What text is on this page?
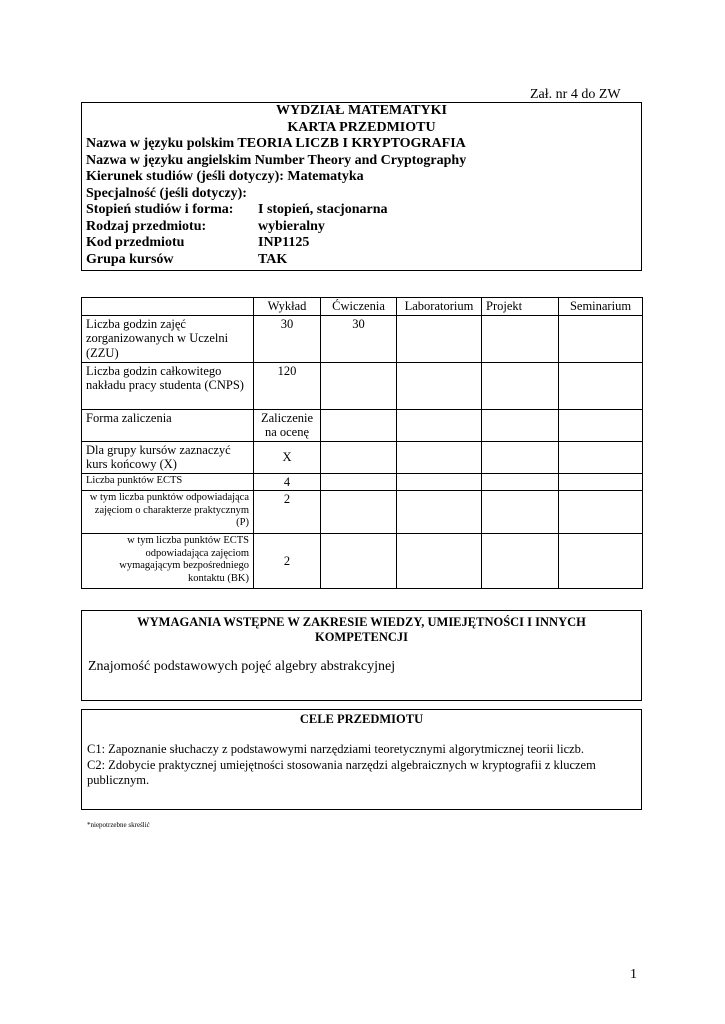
Zał. nr 4 do ZW
WYDZIAŁ MATEMATYKI
KARTA PRZEDMIOTU
Nazwa w języku polskim TEORIA LICZB I KRYPTOGRAFIA
Nazwa w języku angielskim Number Theory and Cryptography
Kierunek studiów (jeśli dotyczy): Matematyka
Specjalność (jeśli dotyczy):
Stopień studiów i forma:	I stopień, stacjonarna
Rodzaj przedmiotu:	wybieralny
Kod przedmiotu	INP1125
Grupa kursów	TAK
	Wykład	Ćwiczenia	Laboratorium	Projekt	Seminarium
Liczba godzin zajęć zorganizowanych w Uczelni (ZZU)	30	30			
Liczba godzin całkowitego nakładu pracy studenta (CNPS)	120				
Forma zaliczenia	Zaliczenie na ocenę				
Dla grupy kursów zaznaczyć kurs końcowy (X)	X				
Liczba punktów ECTS	4				
w tym liczba punktów odpowiadająca zajęciom o charakterze praktycznym (P)	2				
w tym liczba punktów ECTS odpowiadająca zajęciom wymagającym bezpośredniego kontaktu (BK)	2				
WYMAGANIA WSTĘPNE W ZAKRESIE WIEDZY, UMIEJĘTNOŚCI I INNYCH KOMPETENCJI
Znajomość podstawowych pojęć algebry abstrakcyjnej
CELE PRZEDMIOTU
C1: Zapoznanie słuchaczy z podstawowymi narzędziami teoretycznymi algorytmicznej teorii liczb.
C2: Zdobycie praktycznej umiejętności stosowania narzędzi algebraicznych w kryptografii z kluczem publicznym.
*niepotrzebne skreślić
1
